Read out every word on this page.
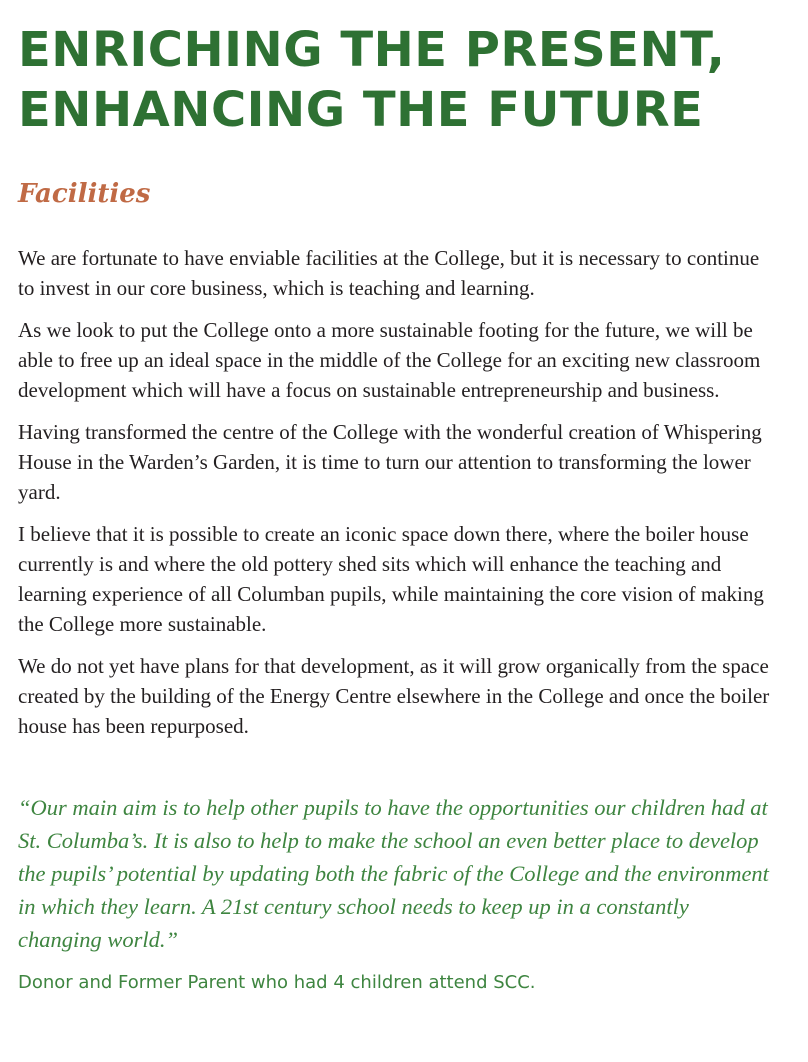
ENRICHING THE PRESENT,
ENHANCING THE FUTURE
Facilities

We are fortunate to have enviable facilities at the College, but it is necessary to continue to invest in our core business, which is teaching and learning.

As we look to put the College onto a more sustainable footing for the future, we will be able to free up an ideal space in the middle of the College for an exciting new classroom development which will have a focus on sustainable entrepreneurship and business.

Having transformed the centre of the College with the wonderful creation of Whispering House in the Warden’s Garden, it is time to turn our attention to transforming the lower yard.

I believe that it is possible to create an iconic space down there, where the boiler house currently is and where the old pottery shed sits which will enhance the teaching and learning experience of all Columban pupils, while maintaining the core vision of making the College more sustainable.

We do not yet have plans for that development, as it will grow organically from the space created by the building of the Energy Centre elsewhere in the College and once the boiler house has been repurposed.

“Our main aim is to help other pupils to have the opportunities our children had at St. Columba’s. It is also to help to make the school an even better place to develop the pupils’ potential by updating both the fabric of the College and the environment in which they learn. A 21st century school needs to keep up in a constantly changing world.”

Donor and Former Parent who had 4 children attend SCC.
